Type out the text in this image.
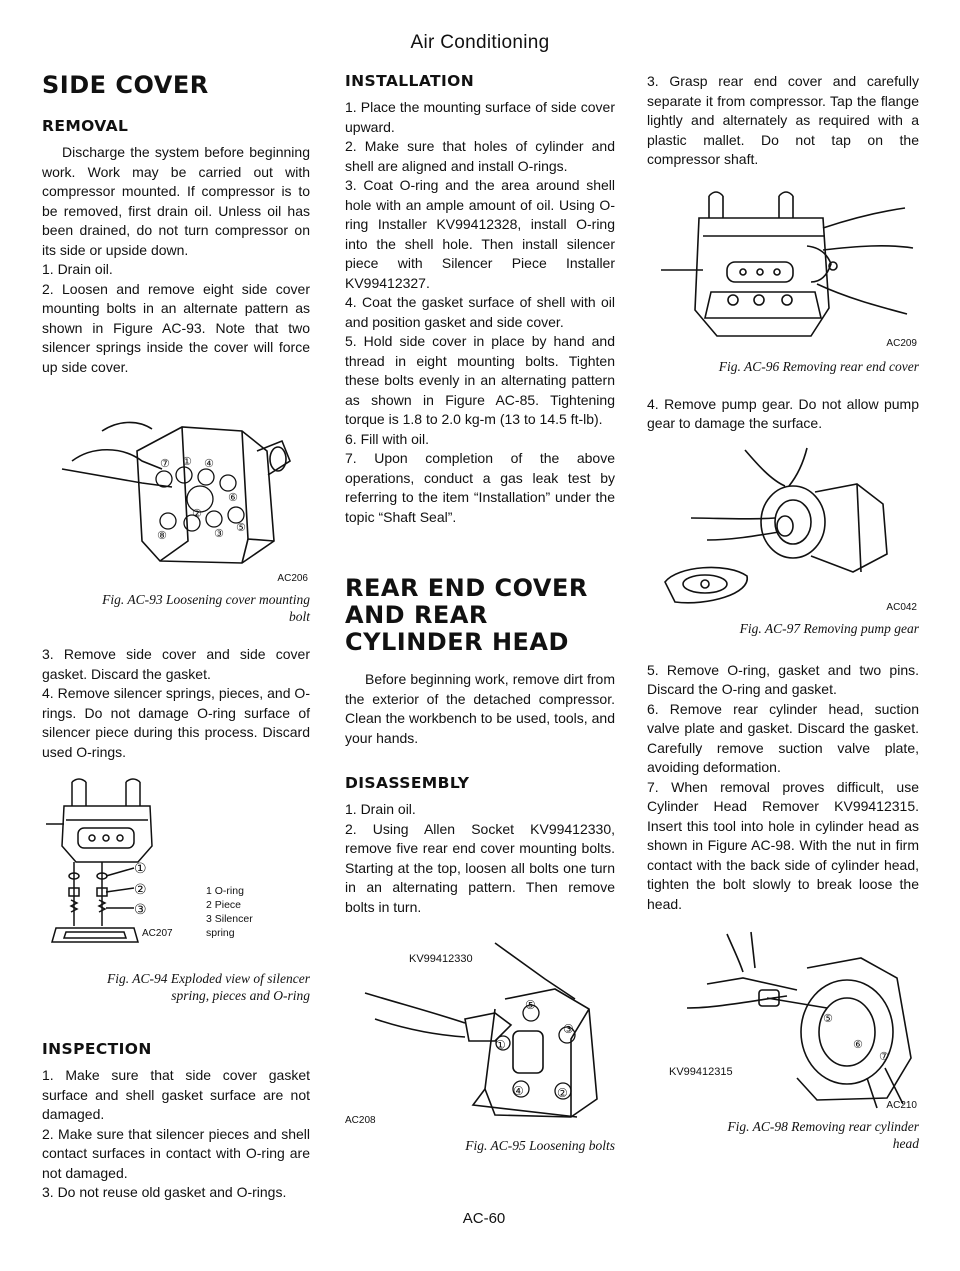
Air Conditioning
SIDE COVER
REMOVAL

Discharge the system before beginning work. Work may be carried out with compressor mounted. If compressor is to be removed, first drain oil. Unless oil has been drained, do not turn compressor on its side or upside down.

1. Drain oil.

2. Loosen and remove eight side cover mounting bolts in an alternate pattern as shown in Figure AC-93. Note that two silencer springs inside the cover will force up side cover.

⑦ ① ④
⑥
⑧
②
③ ⑤
AC206

Fig. AC-93 Loosening cover mounting

bolt

3. Remove side cover and side cover gasket. Discard the gasket.

4. Remove silencer springs, pieces, and O-rings. Do not damage O-ring surface of silencer piece during this process. Discard used O-rings.

①
②
③
1 O-ring
2 Piece
3 Silencer
spring
AC207

Fig. AC-94 Exploded view of silencer

spring, pieces and O-ring

INSPECTION

1. Make sure that side cover gasket surface and shell gasket surface are not damaged.

2. Make sure that silencer pieces and shell contact surfaces in contact with O-ring are not damaged.

3. Do not reuse old gasket and O-rings.

INSTALLATION

1. Place the mounting surface of side cover upward.

2. Make sure that holes of cylinder and shell are aligned and install O-rings.

3. Coat O-ring and the area around shell hole with an ample amount of oil. Using O-ring Installer KV99412328, install O-ring into the shell hole. Then install silencer piece with Silencer Piece Installer KV99412327.

4. Coat the gasket surface of shell with oil and position gasket and side cover.

5. Hold side cover in place by hand and thread in eight mounting bolts. Tighten these bolts evenly in an alternating pattern as shown in Figure AC-85. Tightening torque is 1.8 to 2.0 kg-m (13 to 14.5 ft-lb).

6. Fill with oil.

7. Upon completion of the above operations, conduct a gas leak test by referring to the item “Installation” under the topic “Shaft Seal”.

REAR END COVER
AND REAR
CYLINDER HEAD

Before beginning work, remove dirt from the exterior of the detached compressor. Clean the workbench to be used, tools, and your hands.

DISASSEMBLY

1. Drain oil.

2. Using Allen Socket KV99412330, remove five rear end cover mounting bolts. Starting at the top, loosen all bolts one turn in an alternating pattern. Then remove bolts in turn.

⑤
③
①
④	②
KV99412330
AC208

Fig. AC-95 Loosening bolts

3. Grasp rear end cover and carefully separate it from compressor. Tap the flange lightly and alternately as required with a plastic mallet. Do not tap on the compressor shaft.

AC209

Fig. AC-96 Removing rear end cover

4. Remove pump gear. Do not allow pump gear to damage the surface.

AC042

Fig. AC-97 Removing pump gear

5. Remove O-ring, gasket and two pins. Discard the O-ring and gasket.

6. Remove rear cylinder head, suction valve plate and gasket. Discard the gasket. Carefully remove suction valve plate, avoiding deformation.

7. When removal proves difficult, use Cylinder Head Remover KV99412315. Insert this tool into hole in cylinder head as shown in Figure AC-98. With the nut in firm contact with the back side of cylinder head, tighten the bolt slowly to break loose the head.

⑤
⑥
⑦
KV99412315
AC210

Fig. AC-98 Removing rear cylinder

head

AC-60
